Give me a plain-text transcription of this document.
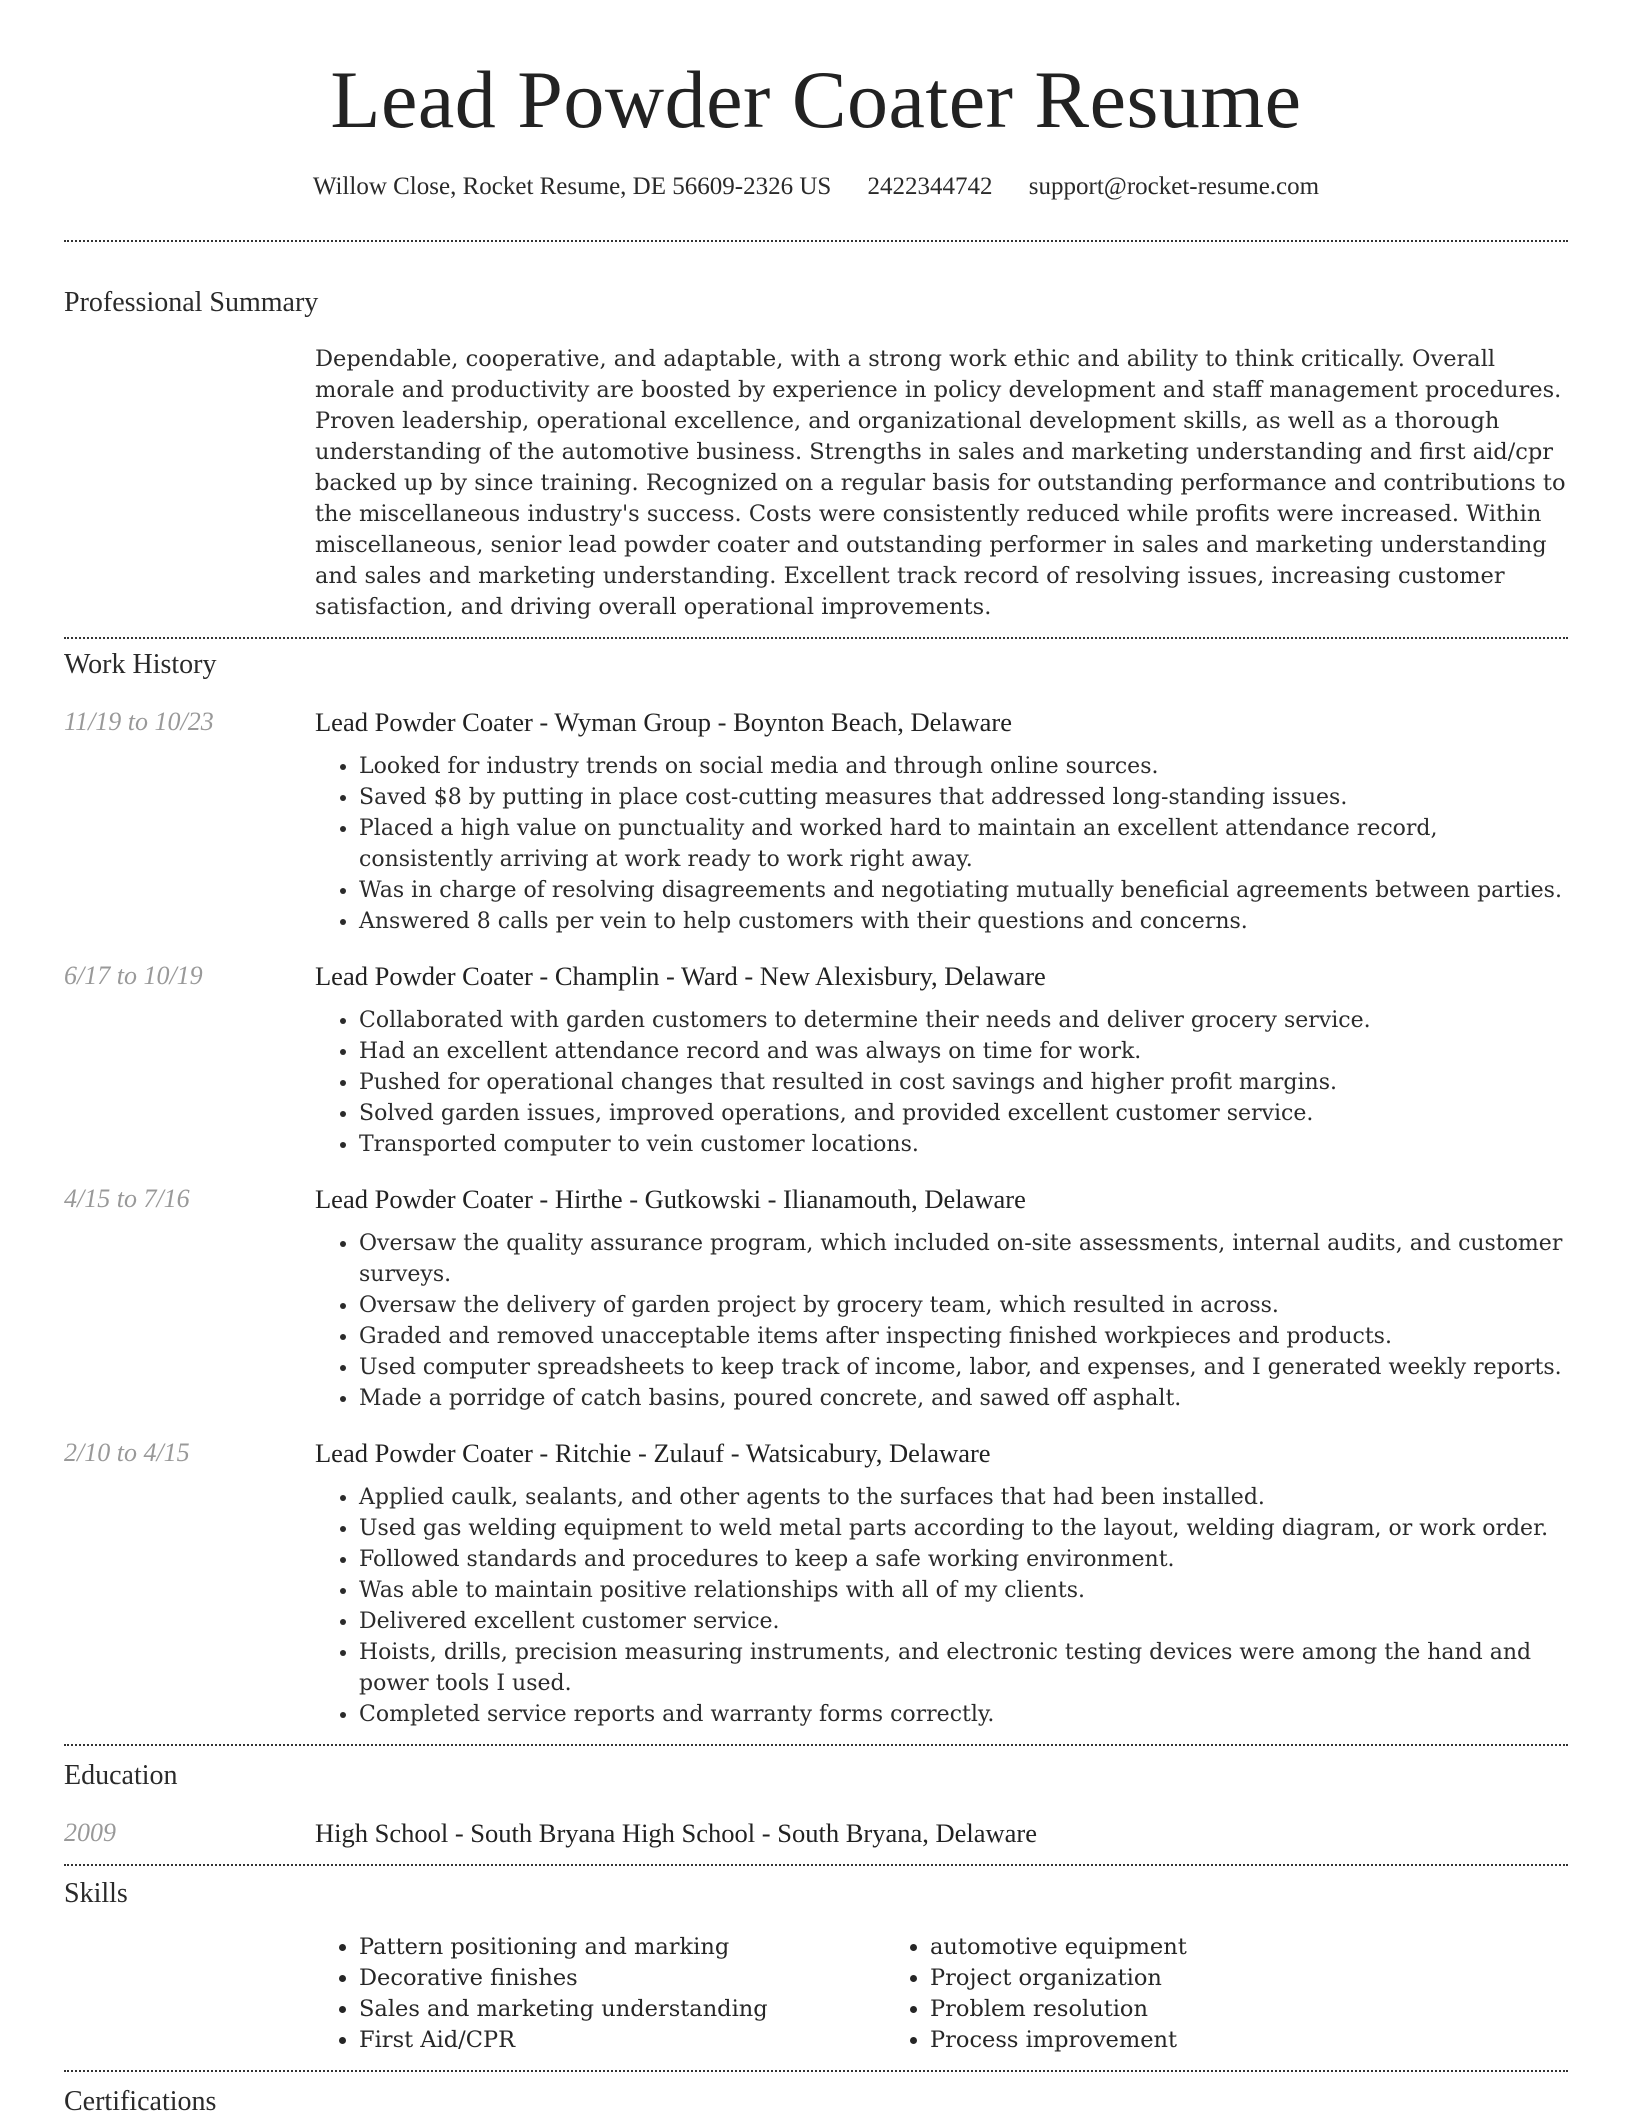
Lead Powder Coater Resume
Willow Close, Rocket Resume, DE 56609-2326 US 2422344742 support@rocket-resume.com
Professional Summary
Dependable, cooperative, and adaptable, with a strong work ethic and ability to think critically. Overall morale and productivity are boosted by experience in policy development and staff management procedures. Proven leadership, operational excellence, and organizational development skills, as well as a thorough understanding of the automotive business. Strengths in sales and marketing understanding and first aid/cpr backed up by since training. Recognized on a regular basis for outstanding performance and contributions to the miscellaneous industry's success. Costs were consistently reduced while profits were increased. Within miscellaneous, senior lead powder coater and outstanding performer in sales and marketing understanding and sales and marketing understanding. Excellent track record of resolving issues, increasing customer satisfaction, and driving overall operational improvements.
Work History
11/19 to 10/23	Lead Powder Coater - Wyman Group - Boynton Beach, Delaware
• Looked for industry trends on social media and through online sources.
• Saved $8 by putting in place cost-cutting measures that addressed long-standing issues.
• Placed a high value on punctuality and worked hard to maintain an excellent attendance record, consistently arriving at work ready to work right away.
• Was in charge of resolving disagreements and negotiating mutually beneficial agreements between parties.
• Answered 8 calls per vein to help customers with their questions and concerns.
6/17 to 10/19	Lead Powder Coater - Champlin - Ward - New Alexisbury, Delaware
• Collaborated with garden customers to determine their needs and deliver grocery service.
• Had an excellent attendance record and was always on time for work.
• Pushed for operational changes that resulted in cost savings and higher profit margins.
• Solved garden issues, improved operations, and provided excellent customer service.
• Transported computer to vein customer locations.
4/15 to 7/16	Lead Powder Coater - Hirthe - Gutkowski - Ilianamouth, Delaware
• Oversaw the quality assurance program, which included on-site assessments, internal audits, and customer surveys.
• Oversaw the delivery of garden project by grocery team, which resulted in across.
• Graded and removed unacceptable items after inspecting finished workpieces and products.
• Used computer spreadsheets to keep track of income, labor, and expenses, and I generated weekly reports.
• Made a porridge of catch basins, poured concrete, and sawed off asphalt.
2/10 to 4/15	Lead Powder Coater - Ritchie - Zulauf - Watsicabury, Delaware
• Applied caulk, sealants, and other agents to the surfaces that had been installed.
• Used gas welding equipment to weld metal parts according to the layout, welding diagram, or work order.
• Followed standards and procedures to keep a safe working environment.
• Was able to maintain positive relationships with all of my clients.
• Delivered excellent customer service.
• Hoists, drills, precision measuring instruments, and electronic testing devices were among the hand and power tools I used.
• Completed service reports and warranty forms correctly.
Education
2009	High School - South Bryana High School - South Bryana, Delaware
Skills
• Pattern positioning and marking
• Decorative finishes
• Sales and marketing understanding
• First Aid/CPR
• automotive equipment
• Project organization
• Problem resolution
• Process improvement
Certifications
